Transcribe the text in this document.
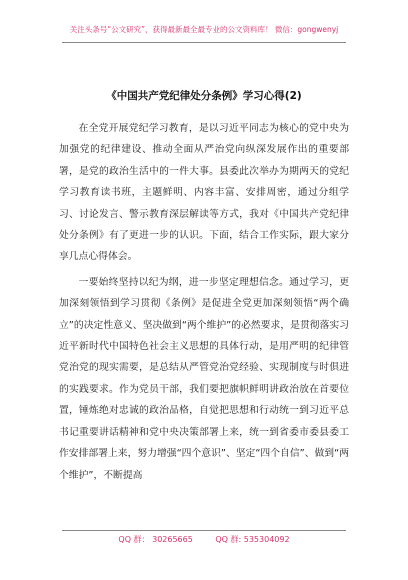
关注头条号“公文研究”，获得最新最全最专业的公文资料库！ 微信：gongwenyj
《中国共产党纪律处分条例》学习心得(2)

在全党开展党纪学习教育，是以习近平同志为核心的党中央为加强党的纪律建设、推动全面从严治党向纵深发展作出的重要部署，是党的政治生活中的一件大事。县委此次举办为期两天的党纪学习教育读书班，主题鲜明、内容丰富、安排周密，通过分组学习、讨论发言、警示教育深层解读等方式，我对《中国共产党纪律处分条例》有了更进一步的认识。下面，结合工作实际，跟大家分享几点心得体会。

一要始终坚持以纪为纲，进一步坚定理想信念。通过学习，更加深刻领悟到学习贯彻《条例》是促进全党更加深刻领悟“两个确立”的决定性意义、坚决做到“两个维护”的必然要求，是贯彻落实习近平新时代中国特色社会主义思想的具体行动，是用严明的纪律管党治党的现实需要，是总结从严管党治党经验、实现制度与时俱进的实践要求。作为党员干部，我们要把旗帜鲜明讲政治放在首要位置，锤炼绝对忠诚的政治品格，自觉把思想和行动统一到习近平总书记重要讲话精神和党中央决策部署上来，统一到省委市委县委工作安排部署上来，努力增强“四个意识”、坚定“四个自信”、做到“两个维护”，不断提高

QQ 群： 30265665	QQ 群: 535304092
